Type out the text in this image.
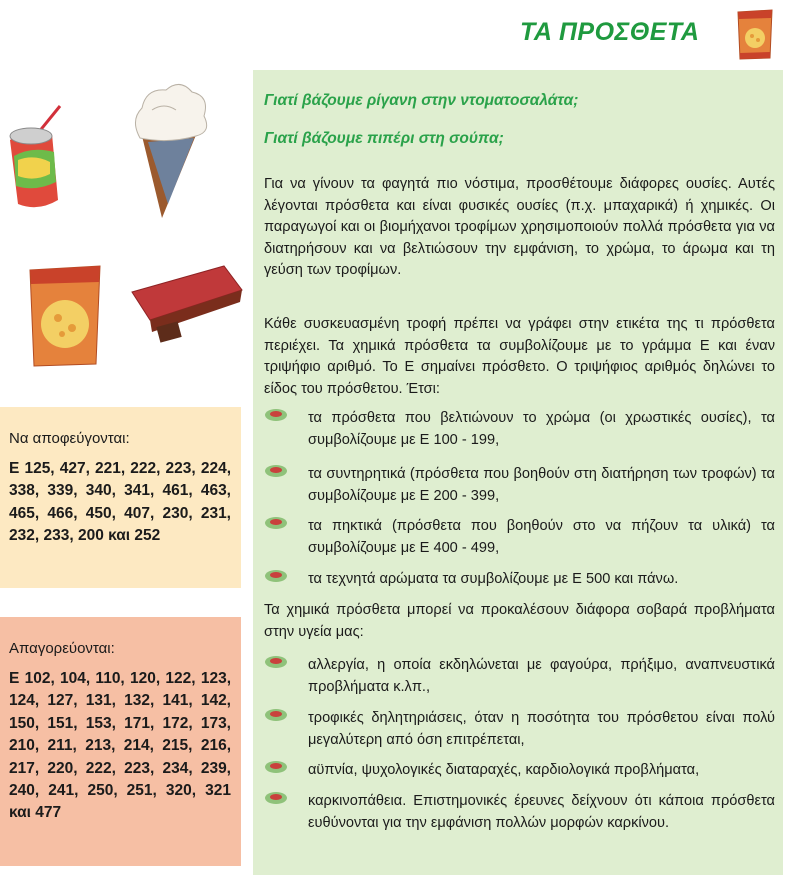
ΤΑ ΠΡΟΣΘΕΤΑ
Να αποφεύγονται:
Ε 125, 427, 221, 222, 223, 224, 338, 339, 340, 341, 461, 463, 465, 466, 450, 407, 230, 231, 232, 233, 200 και 252
Απαγορεύονται:
Ε 102, 104, 110, 120, 122, 123, 124, 127, 131, 132, 141, 142, 150, 151, 153, 171, 172, 173, 210, 211, 213, 214, 215, 216, 217, 220, 222, 223, 234, 239, 240, 241, 250, 251, 320, 321 και 477
Γιατί βάζουμε ρίγανη στην ντοματοσαλάτα;
Γιατί βάζουμε πιπέρι στη σούπα;
Για να γίνουν τα φαγητά πιο νόστιμα, προσθέτουμε διάφορες ουσίες. Αυτές λέγονται πρόσθετα και είναι φυσικές ουσίες (π.χ. μπαχαρικά) ή χημικές. Οι παραγωγοί και οι βιομήχανοι τροφίμων χρησιμοποιούν πολλά πρόσθετα για να διατηρήσουν και να βελτιώσουν την εμφάνιση, το χρώμα, το άρωμα και τη γεύση των τροφίμων.
Κάθε συσκευασμένη τροφή πρέπει να γράφει στην ετικέτα της τι πρόσθετα περιέχει. Τα χημικά πρόσθετα τα συμβολίζουμε με το γράμμα Ε και έναν τριψήφιο αριθμό. Το Ε σημαίνει πρόσθετο. Ο τριψήφιος αριθμός δηλώνει το είδος του πρόσθετου. Έτσι:
τα πρόσθετα που βελτιώνουν το χρώμα (οι χρωστικές ουσίες), τα συμβολίζουμε με Ε 100 - 199,
τα συντηρητικά (πρόσθετα που βοηθούν στη διατήρηση των τροφών) τα συμβολίζουμε με Ε 200 - 399,
τα πηκτικά (πρόσθετα που βοηθούν στο να πήζουν τα υλικά) τα συμβολίζουμε με Ε 400 - 499,
τα τεχνητά αρώματα τα συμβολίζουμε με Ε 500 και πάνω.
Τα χημικά πρόσθετα μπορεί να προκαλέσουν διάφορα σοβαρά προβλήματα στην υγεία μας:
αλλεργία, η οποία εκδηλώνεται με φαγούρα, πρήξιμο, αναπνευστικά προβλήματα κ.λπ.,
τροφικές δηλητηριάσεις, όταν η ποσότητα του πρόσθετου είναι πολύ μεγαλύτερη από όση επιτρέπεται,
αϋπνία, ψυχολογικές διαταραχές, καρδιολογικά προβλήματα,
καρκινοπάθεια. Επιστημονικές έρευνες δείχνουν ότι κάποια πρόσθετα ευθύνονται για την εμφάνιση πολλών μορφών καρκίνου.
